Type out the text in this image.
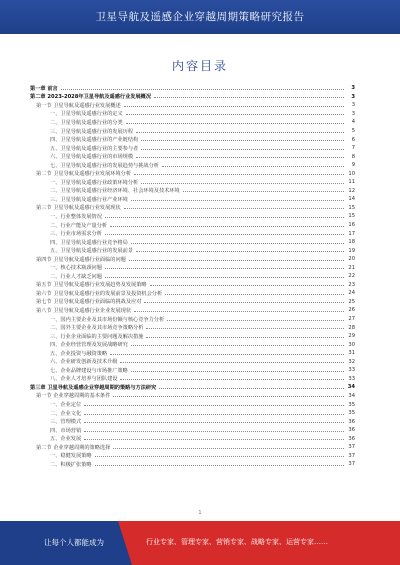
卫星导航及遥感企业穿越周期策略研究报告
内容目录
第一章 前言	3
第二章 2023-2028年卫星导航及遥感行业发展概况	3
第一节 卫星导航及遥感行业发展概述	3
一、卫星导航及遥感行业的定义	3
二、卫星导航及遥感行业的分类	4
三、卫星导航及遥感行业的发展历程	5
四、卫星导航及遥感行业的产业链结构	6
五、卫星导航及遥感行业的主要参与者	7
六、卫星导航及遥感行业的市场规模	8
七、卫星导航及遥感行业的发展趋势与挑战分析	9
第二节 卫星导航及遥感行业发展环境分析	10
一、卫星导航及遥感行业政策环境分析	11
二、卫星导航及遥感行业经济环境、社会环境及技术环境	12
三、卫星导航及遥感行业产业环境	14
第三节 卫星导航及遥感行业发展现状	15
一、行业整体发展情况	15
二、行业产能及产量分析	16
三、行业市场需求分析	17
四、卫星导航及遥感行业竞争格局	18
五、卫星导航及遥感行业的发展前景	19
第四节 卫星导航及遥感行业面临的问题	20
一、核心技术瓶颈问题	21
二、行业人才缺乏问题	22
第五节 卫星导航及遥感行业发展趋势及发展策略	23
第六节 卫星导航及遥感行业的发展前景及投资机会分析	24
第七节 卫星导航及遥感行业面临的挑战及应对	25
第八节 卫星导航及遥感行业企业发展现状	26
一、国内主要企业及其市场份额与核心竞争力分析	27
二、国外主要企业及其市场竞争策略分析	28
三、行业企业面临的主要问题及解决措施	29
四、企业经营管理及发展战略研究	30
五、企业投资与融资策略	31
六、企业研发创新及技术升级	32
七、企业品牌建设与市场推广策略	33
八、企业人才培养与团队建设	33
第三章 卫星导航及遥感企业穿越周期的策略与方法研究	34
第一节 企业穿越周期的基本条件	34
一、企业定位	35
二、企业文化	35
三、管理模式	36
四、市场营销	36
五、企业发展	36
第二节 企业穿越周期的策略选择	37
一、稳健发展策略	37
二、积极扩张策略	37
1
让每个人都能成为	行业专家、管理专家、营销专家、战略专家、运营专家……
